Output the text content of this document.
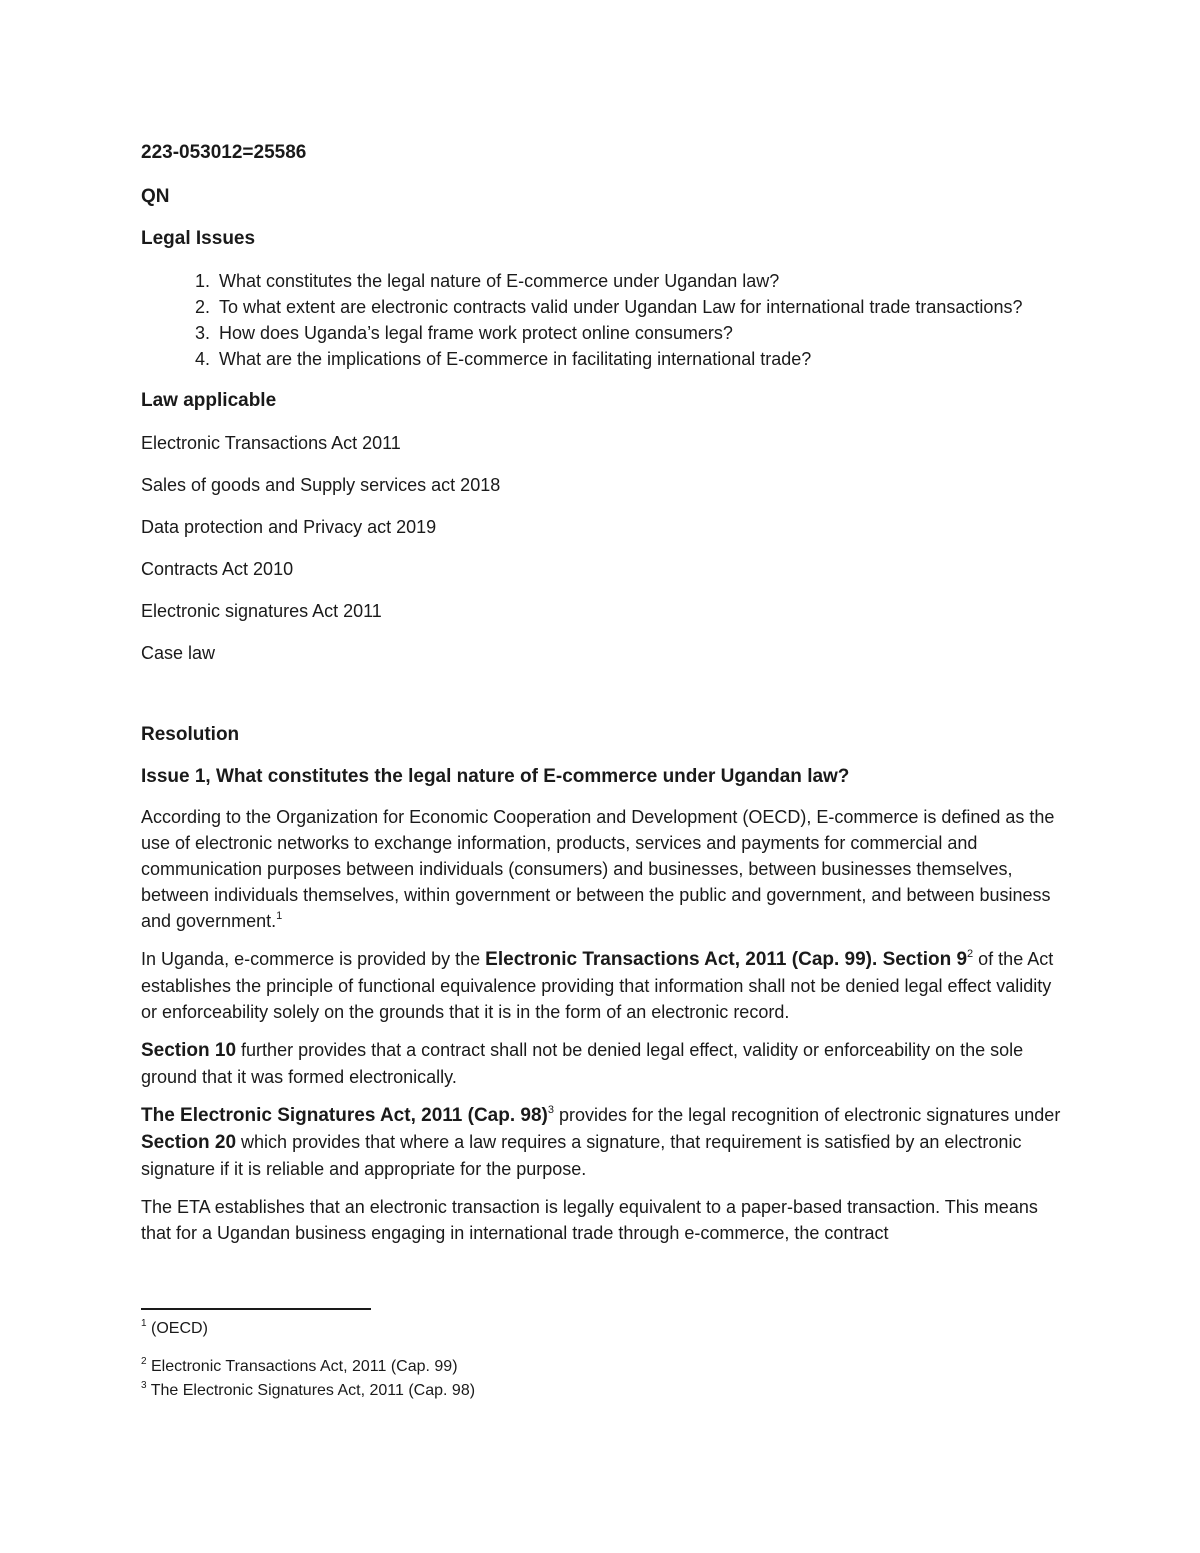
223-053012=25586

QN

Legal Issues

1. What constitutes the legal nature of E-commerce under Ugandan law?
2. To what extent are electronic contracts valid under Ugandan Law for international trade transactions?
3. How does Uganda’s legal frame work protect online consumers?
4. What are the implications of E-commerce in facilitating international trade?

Law applicable

Electronic Transactions Act 2011

Sales of goods and Supply services act 2018

Data protection and Privacy act 2019

Contracts Act 2010

Electronic signatures Act 2011

Case law

Resolution

Issue 1, What constitutes the legal nature of E-commerce under Ugandan law?

According to the Organization for Economic Cooperation and Development (OECD), E-commerce is defined as the use of electronic networks to exchange information, products, services and payments for commercial and communication purposes between individuals (consumers) and businesses, between businesses themselves, between individuals themselves, within government or between the public and government, and between business and government.$^1$

In Uganda, e-commerce is provided by the Electronic Transactions Act, 2011 (Cap. 99). Section $9^2$ of the Act establishes the principle of functional equivalence providing that information shall not be denied legal effect validity or enforceability solely on the grounds that it is in the form of an electronic record.

Section 10 further provides that a contract shall not be denied legal effect, validity or enforceability on the sole ground that it was formed electronically.

The Electronic Signatures Act, 2011 (Cap. 98)$^3$ provides for the legal recognition of electronic signatures under Section 20 which provides that where a law requires a signature, that requirement is satisfied by an electronic signature if it is reliable and appropriate for the purpose.

The ETA establishes that an electronic transaction is legally equivalent to a paper-based transaction. This means that for a Ugandan business engaging in international trade through e-commerce, the contract

$^1$ (OECD)

$^2$ Electronic Transactions Act, 2011 (Cap. 99)

$^3$ The Electronic Signatures Act, 2011 (Cap. 98)
